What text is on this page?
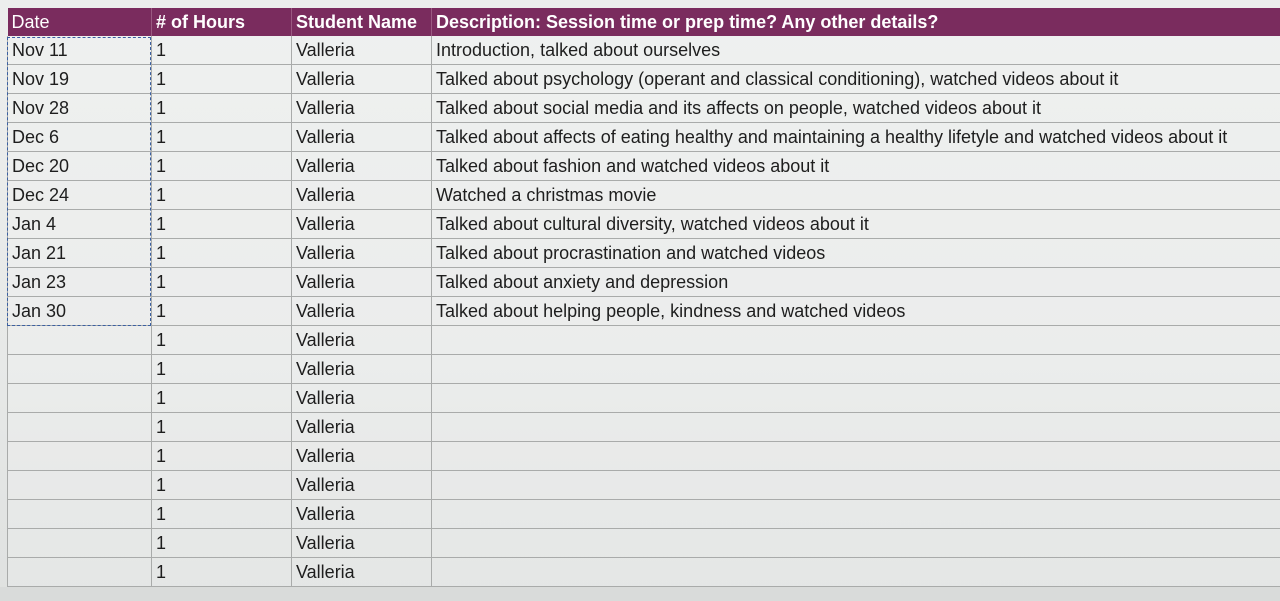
Date	# of Hours	Student Name	Description: Session time or prep time? Any other details?
Nov 11	1	Valleria	Introduction, talked about ourselves
Nov 19	1	Valleria	Talked about psychology (operant and classical conditioning), watched videos about it
Nov 28	1	Valleria	Talked about social media and its affects on people, watched videos about it
Dec 6	1	Valleria	Talked about affects of eating healthy and maintaining a healthy lifetyle and watched videos about it
Dec 20	1	Valleria	Talked about fashion and watched videos about it
Dec 24	1	Valleria	Watched a christmas movie
Jan 4	1	Valleria	Talked about cultural diversity, watched videos about it
Jan 21	1	Valleria	Talked about procrastination and watched videos
Jan 23	1	Valleria	Talked about anxiety and depression
Jan 30	1	Valleria	Talked about helping people, kindness and watched videos
	1	Valleria	
	1	Valleria	
	1	Valleria	
	1	Valleria	
	1	Valleria	
	1	Valleria	
	1	Valleria	
	1	Valleria	
	1	Valleria	
